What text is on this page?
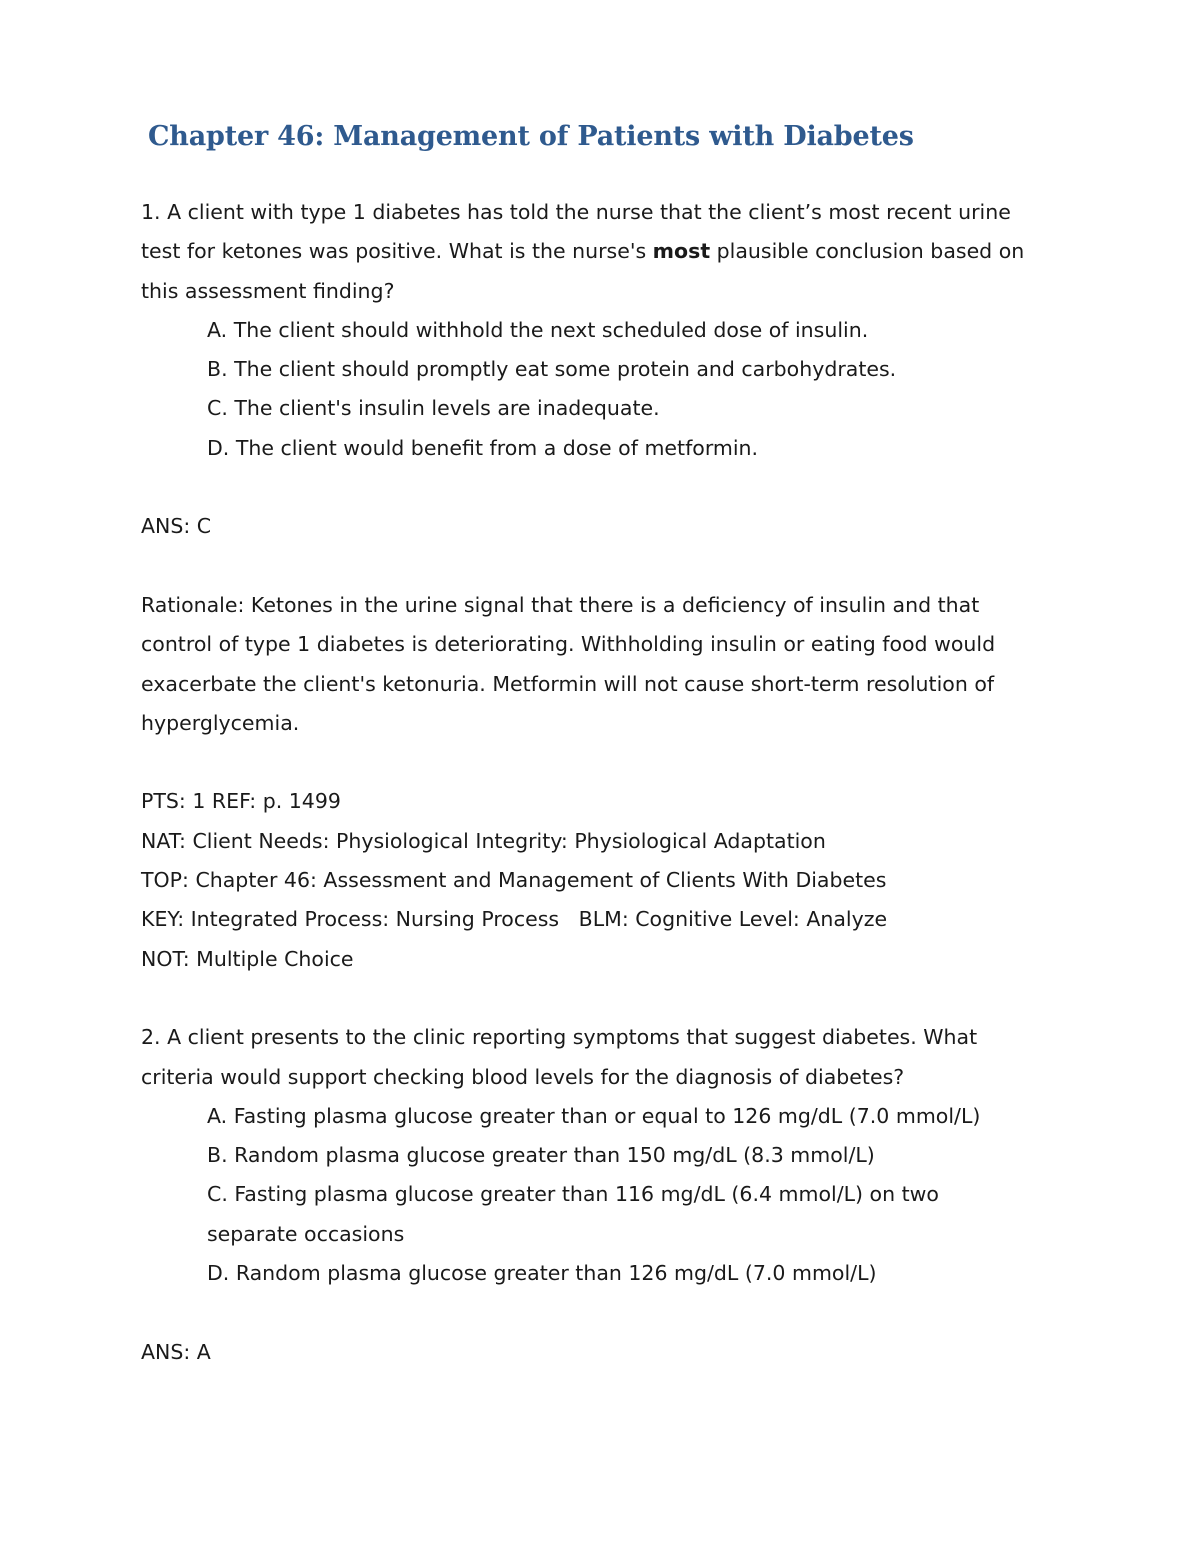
Chapter 46: Management of Patients with Diabetes
1. A client with type 1 diabetes has told the nurse that the client’s most recent urine
test for ketones was positive. What is the nurse's most plausible conclusion based on
this assessment finding?
A. The client should withhold the next scheduled dose of insulin.
B. The client should promptly eat some protein and carbohydrates.
C. The client's insulin levels are inadequate.
D. The client would benefit from a dose of metformin.
ANS: C
Rationale: Ketones in the urine signal that there is a deficiency of insulin and that
control of type 1 diabetes is deteriorating. Withholding insulin or eating food would
exacerbate the client's ketonuria. Metformin will not cause short-term resolution of
hyperglycemia.
PTS: 1 REF: p. 1499
NAT: Client Needs: Physiological Integrity: Physiological Adaptation
TOP: Chapter 46: Assessment and Management of Clients With Diabetes
KEY: Integrated Process: Nursing Process   BLM: Cognitive Level: Analyze
NOT: Multiple Choice
2. A client presents to the clinic reporting symptoms that suggest diabetes. What
criteria would support checking blood levels for the diagnosis of diabetes?
A. Fasting plasma glucose greater than or equal to 126 mg/dL (7.0 mmol/L)
B. Random plasma glucose greater than 150 mg/dL (8.3 mmol/L)
C. Fasting plasma glucose greater than 116 mg/dL (6.4 mmol/L) on two separate occasions
D. Random plasma glucose greater than 126 mg/dL (7.0 mmol/L)
ANS: A
